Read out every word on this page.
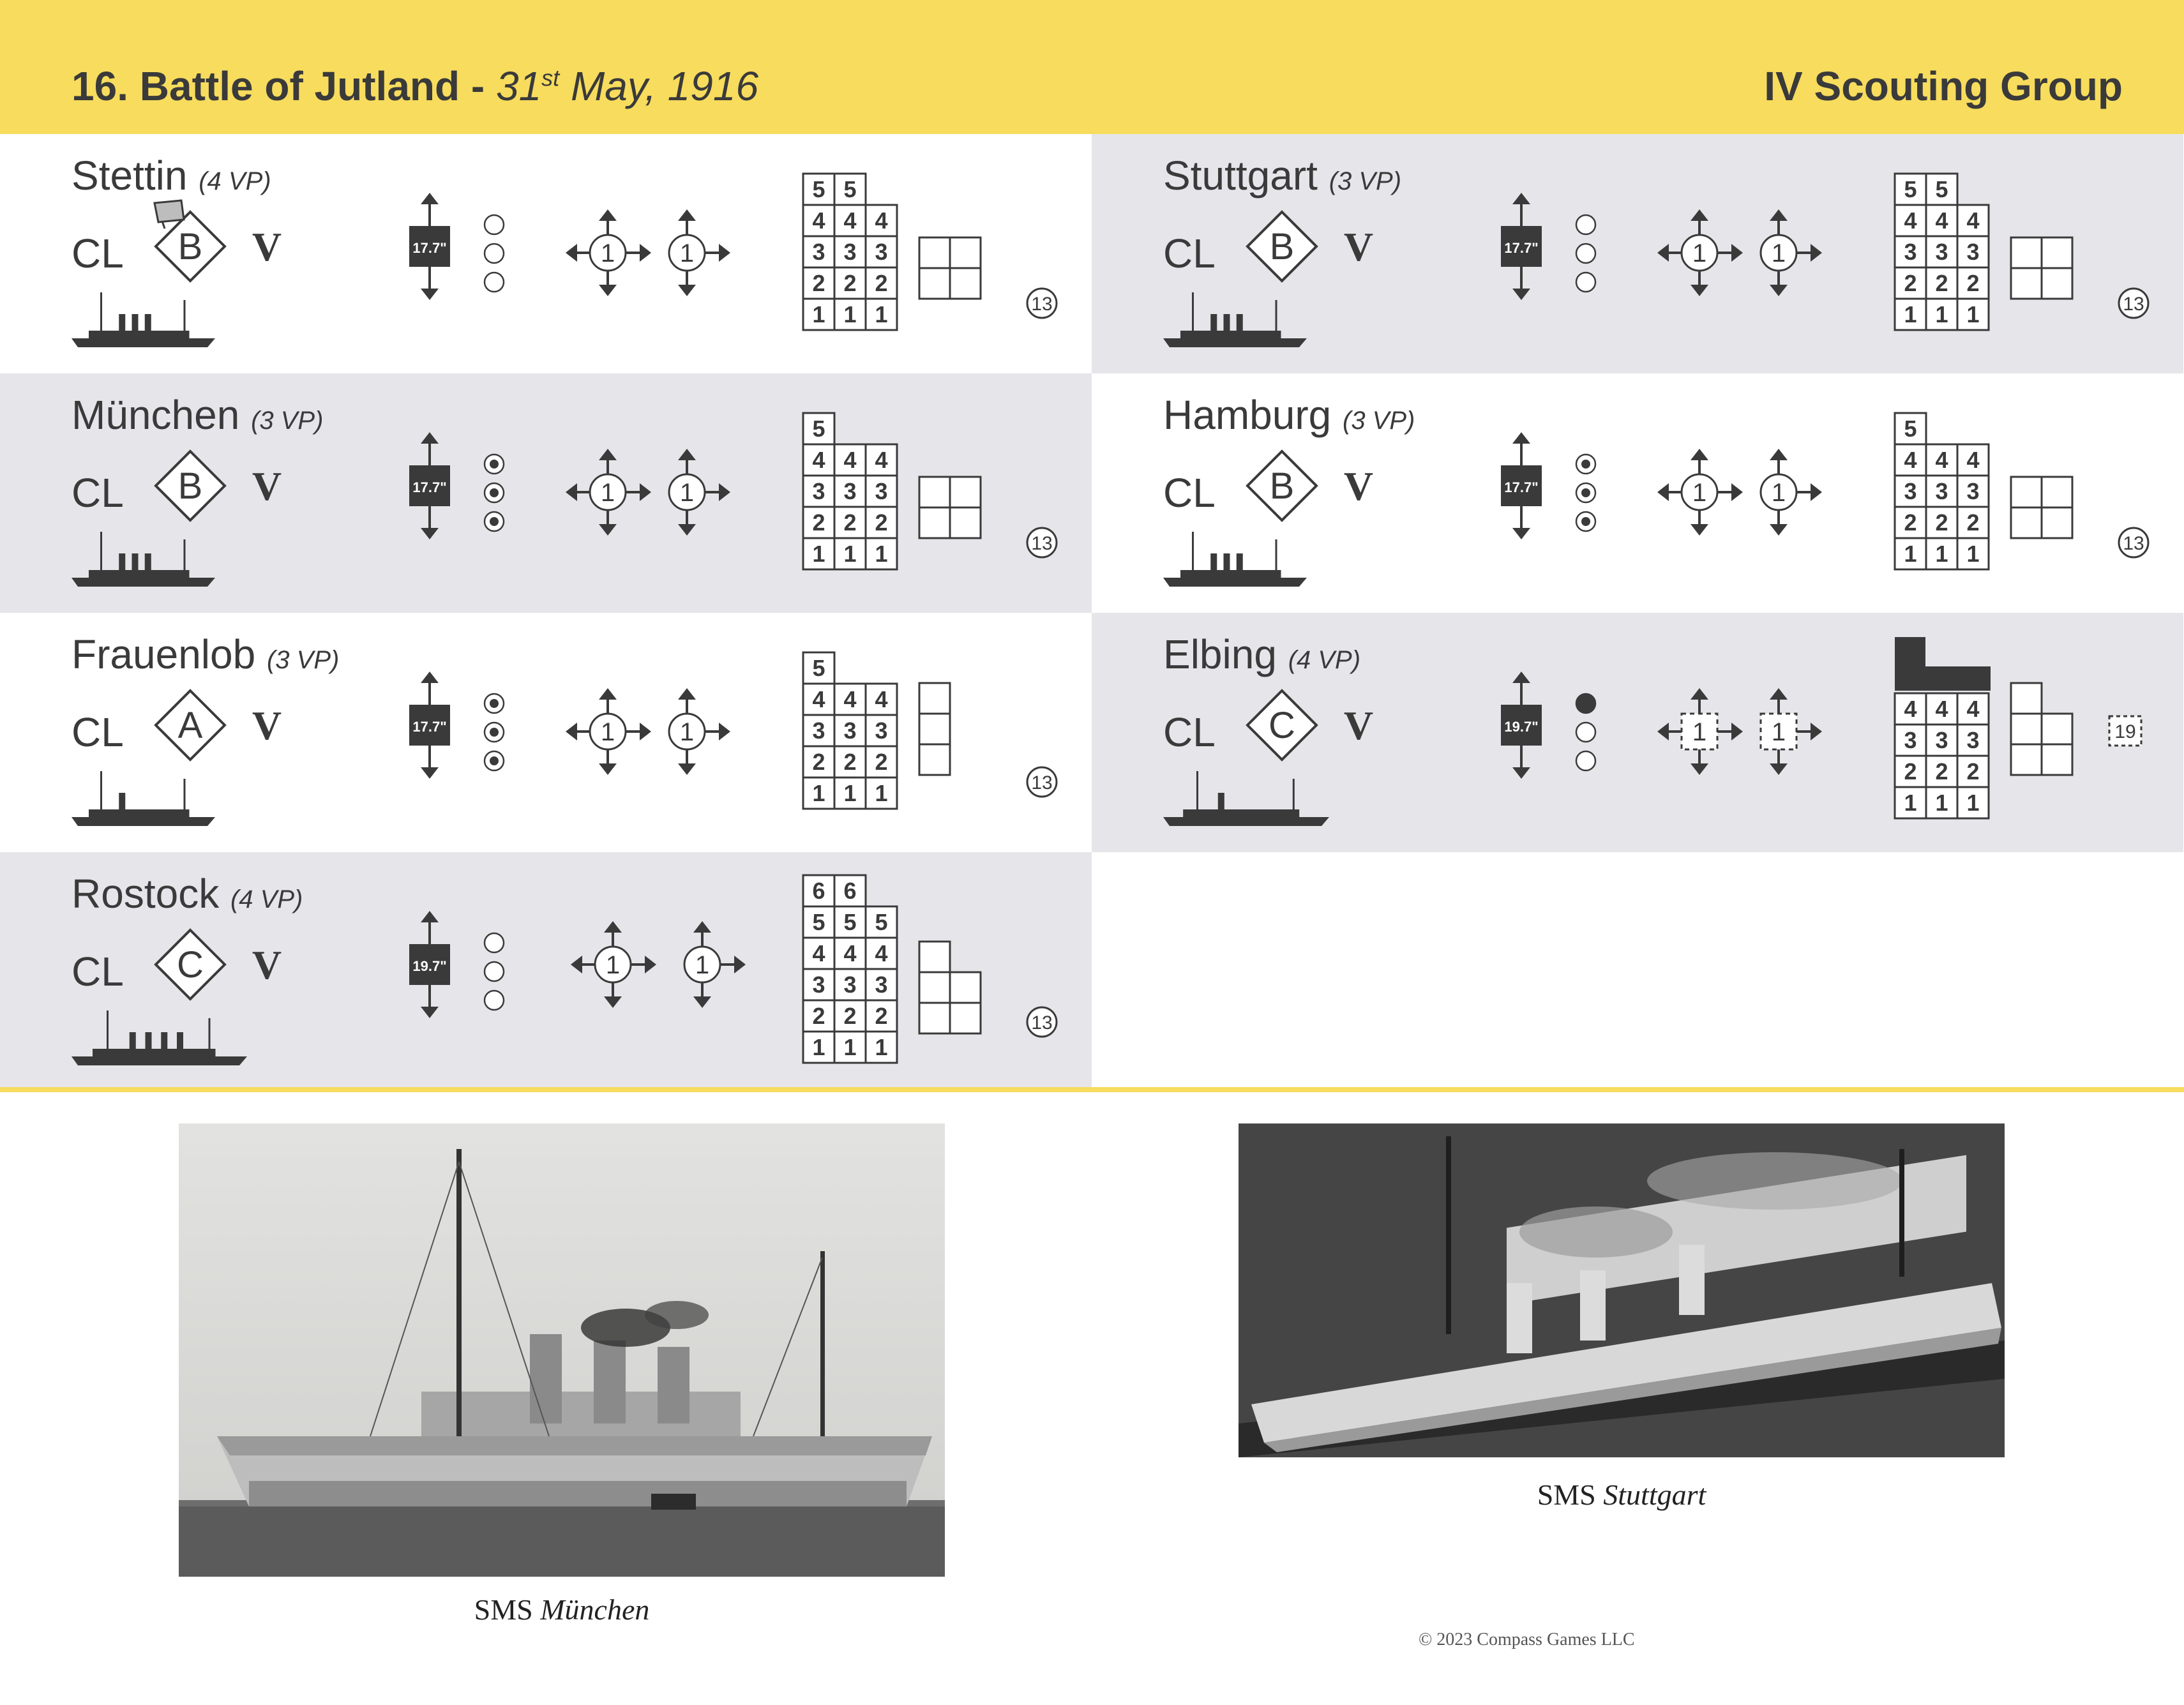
16. Battle of Jutland - 31st May, 1916	IV Scouting Group
Stettin (4 VP)
CL B V	17.7"	1	1
5 5
4 4 4
3 3 3
2 2 2
1 1 1	13
Stuttgart (3 VP)
CL B V	17.7"	1	1
5 5
4 4 4
3 3 3
2 2 2
1 1 1	13
München (3 VP)
CL B V	17.7"	1	1
5
4 4 4
3 3 3
2 2 2
1 1 1	13
Hamburg (3 VP)
CL B V	17.7"	1	1
5
4 4 4
3 3 3
2 2 2
1 1 1	13
Frauenlob (3 VP)
CL A V	17.7"	1	1
5
4 4 4
3 3 3
2 2 2
1 1 1	13
Elbing (4 VP)
CL C V	19.7"	1	1
4 4 4
3 3 3
2 2 2
1 1 1
19
Rostock (4 VP)
CL C V	19.7"	1	1
6 6
5 5 5
4 4 4
3 3 3
2 2 2
1 1 1
13
SMS München
SMS Stuttgart
© 2023 Compass Games LLC
